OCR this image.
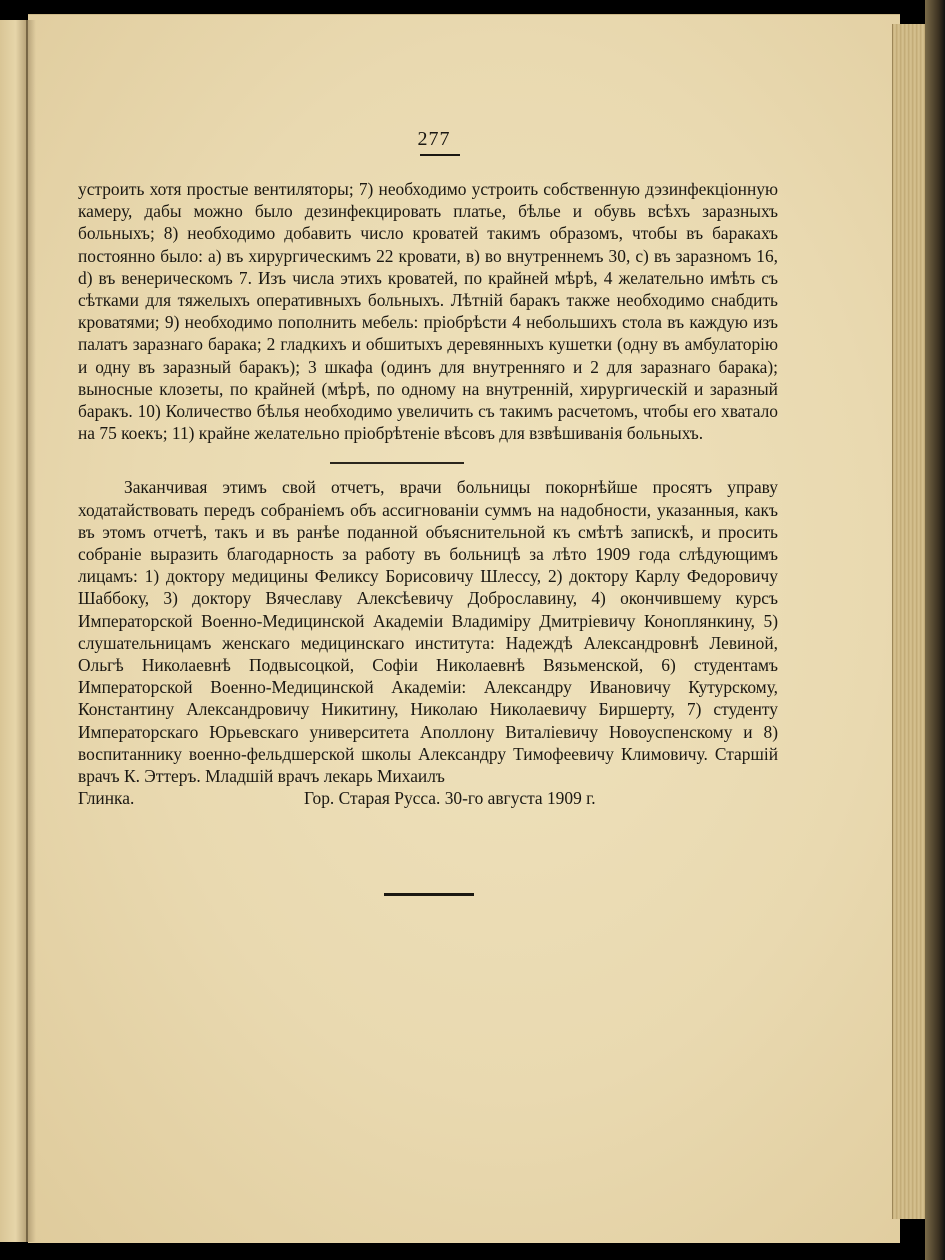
277

устроить хотя простые вентиляторы; 7) необходимо устроить собственную дэзинфекціонную камеру, дабы можно было дезинфекцировать платье, бѣлье и обувь всѣхъ заразныхъ больныхъ; 8) необходимо добавить число кроватей такимъ образомъ, чтобы въ баракахъ постоянно было: а) въ хирургическимъ 22 кровати, в) во внутреннемъ 30, с) въ заразномъ 16, d) въ венерическомъ 7. Изъ числа этихъ кроватей, по крайней мѣрѣ, 4 желательно имѣть съ сѣтками для тяжелыхъ оперативныхъ больныхъ. Лѣтній баракъ также необходимо снабдить кроватями; 9) необходимо пополнить мебель: пріобрѣсти 4 небольшихъ стола въ каждую изъ палатъ заразнаго барака; 2 гладкихъ и обшитыхъ деревянныхъ кушетки (одну въ амбулаторію и одну въ заразный баракъ); 3 шкафа (одинъ для внутренняго и 2 для заразнаго барака); выносные клозеты, по крайней (мѣрѣ, по одному на внутренній, хирургическій и заразный баракъ. 10) Количество бѣлья необходимо увеличить съ такимъ расчетомъ, чтобы его хватало на 75 коекъ; 11) крайне желательно пріобрѣтеніе вѣсовъ для взвѣшиванія больныхъ.

Заканчивая этимъ свой отчетъ, врачи больницы покорнѣйше просятъ управу ходатайствовать передъ собраніемъ объ ассигнованіи суммъ на надобности, указанныя, какъ въ этомъ отчетѣ, такъ и въ ранѣе поданной объяснительной къ смѣтѣ запискѣ, и просить собраніе выразить благодарность за работу въ больницѣ за лѣто 1909 года слѣдующимъ лицамъ: 1) доктору медицины Феликсу Борисовичу Шлессу, 2) доктору Карлу Федоровичу Шаббоку, 3) доктору Вячеславу Алексѣевичу Доброславину, 4) окончившему курсъ Императорской Военно-Медицинской Академіи Владиміру Дмитріевичу Коноплянкину, 5) слушательницамъ женскаго медицинскаго института: Надеждѣ Александровнѣ Левиной, Ольгѣ Николаевнѣ Подвысоцкой, Софіи Николаевнѣ Вязьменской, 6) студентамъ Императорской Военно-Медицинской Академіи: Александру Ивановичу Кутурскому, Константину Александровичу Никитину, Николаю Николаевичу Биршерту, 7) студенту Императорскаго Юрьевскаго университета Аполлону Виталіевичу Новоуспенскому и 8) воспитаннику военно-фельдшерской школы Александру Тимофеевичу Климовичу. Старшій врачъ К. Эттеръ. Младшій врачъ лекарь Михаилъ

Глинка.	Гор. Старая Руcса. 30-го августа 1909 г.
